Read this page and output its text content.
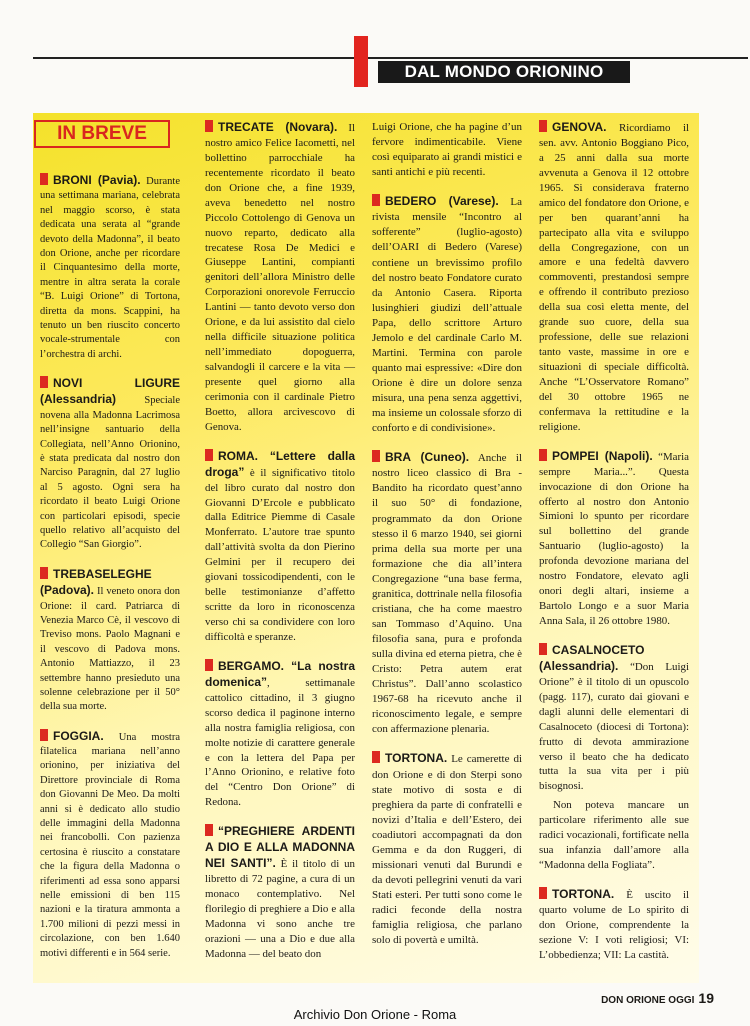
DAL MONDO ORIONINO
IN BREVE

BRONI (Pavia). Durante una settimana mariana, celebrata nel maggio scorso, è stata dedicata una serata al “grande devoto della Madonna”, il beato don Orione, anche per ricordare il Cinquantesimo della morte, mentre in altra serata la corale “B. Luigi Orione” di Tortona, diretta da mons. Scappini, ha tenuto un ben riuscito concerto vocale-strumentale con l’orchestra di archi.

NOVI LIGURE (Alessandria) Speciale novena alla Madonna Lacrimosa nell’insigne santuario della Collegiata, nell’Anno Orionino, è stata predicata dal nostro don Narciso Paragnin, dal 27 luglio al 5 agosto. Ogni sera ha ricordato il beato Luigi Orione con particolari episodi, specie quello relativo all’acquisto del Collegio “San Giorgio”.

TREBASELEGHE (Padova). Il veneto onora don Orione: il card. Patriarca di Venezia Marco Cè, il vescovo di Treviso mons. Paolo Magnani e il vescovo di Padova mons. Antonio Mattiazzo, il 23 settembre hanno presieduto una solenne celebrazione per il 50° della sua morte.

FOGGIA. Una mostra filatelica mariana nell’anno orionino, per iniziativa del Direttore provinciale di Roma don Giovanni De Meo. Da molti anni si è dedicato allo studio delle immagini della Madonna nei francobolli. Con pazienza certosina è riuscito a constatare che la figura della Madonna o riferimenti ad essa sono apparsi nelle emissioni di ben 115 nazioni e la tiratura ammonta a 1.700 milioni di pezzi messi in circolazione, con ben 1.640 motivi differenti e in 564 serie.

TRECATE (Novara). Il nostro amico Felice Iacometti, nel bollettino parrocchiale ha recentemente ricordato il beato don Orione che, a fine 1939, aveva benedetto nel nostro Piccolo Cottolengo di Genova un nuovo reparto, dedicato alla trecatese Rosa De Medici e Giuseppe Lantini, compianti genitori dell’allora Ministro delle Corporazioni onorevole Ferruccio Lantini — tanto devoto verso don Orione, e da lui assistito dal cielo nella difficile situazione politica nell’immediato dopoguerra, salvandogli il carcere e la vita — presente quel giorno alla cerimonia con il cardinale Pietro Boetto, allora arcivescovo di Genova.

ROMA. “Lettere dalla droga” è il significativo titolo del libro curato dal nostro don Giovanni D’Ercole e pubblicato dalla Editrice Piemme di Casale Monferrato. L’autore trae spunto dall’attività svolta da don Pierino Gelmini per il recupero dei giovani tossicodipendenti, con le belle testimonianze d’affetto scritte da loro in riconoscenza verso chi sa condividere con loro difficoltà e speranze.

BERGAMO. “La nostra domenica”, settimanale cattolico cittadino, il 3 giugno scorso dedica il paginone interno alla nostra famiglia religiosa, con molte notizie di carattere generale e con la lettera del Papa per l’Anno Orionino, e relative foto del “Centro Don Orione” di Redona.

“PREGHIERE ARDENTI A DIO E ALLA MADONNA NEI SANTI”. È il titolo di un libretto di 72 pagine, a cura di un monaco contemplativo. Nel florilegio di preghiere a Dio e alla Madonna vi sono anche tre orazioni — una a Dio e due alla Madonna — del beato don

Luigi Orione, che ha pagine d’un fervore indimenticabile. Viene così equiparato ai grandi mistici e santi antichi e più recenti.

BEDERO (Varese). La rivista mensile “Incontro al sofferente” (luglio-agosto) dell’OARI di Bedero (Varese) contiene un brevissimo profilo del nostro beato Fondatore curato da Antonio Casera. Riporta lusinghieri giudizi dell’attuale Papa, dello scrittore Arturo Jemolo e del cardinale Carlo M. Martini. Termina con parole quanto mai espressive: «Dire don Orione è dire un dolore senza misura, una pena senza aggettivi, ma insieme un colossale sforzo di conforto e di condivisione».

BRA (Cuneo). Anche il nostro liceo classico di Bra - Bandito ha ricordato quest’anno il suo 50° di fondazione, programmato da don Orione stesso il 6 marzo 1940, sei giorni prima della sua morte per una formazione che dia all’intera Congregazione “una base ferma, granitica, dottrinale nella filosofia cristiana, che ha come maestro san Tommaso d’Aquino. Una filosofia sana, pura e profonda sulla divina ed eterna pietra, che è Cristo: Petra autem erat Christus”. Dall’anno scolastico 1967-68 ha ricevuto anche il riconoscimento legale, e sempre con affermazione plenaria.

TORTONA. Le camerette di don Orione e di don Sterpi sono state motivo di sosta e di preghiera da parte di confratelli e novizi d’Italia e dell’Estero, dei coadiutori accompagnati da don Gemma e da don Ruggeri, di missionari venuti dal Burundi e da devoti pellegrini venuti da vari Stati esteri. Per tutti sono come le radici feconde della nostra famiglia religiosa, che parlano solo di povertà e umiltà.

GENOVA. Ricordiamo il sen. avv. Antonio Boggiano Pico, a 25 anni dalla sua morte avvenuta a Genova il 12 ottobre 1965. Si considerava fraterno amico del fondatore don Orione, e per ben quarant’anni ha partecipato alla vita e sviluppo della Congregazione, con un amore e una fedeltà davvero commoventi, prestandosi sempre e offrendo il contributo prezioso della sua così eletta mente, del grande suo cuore, della sua professione, delle sue relazioni tanto vaste, massime in ore e situazioni di speciale difficoltà. Anche “L’Osservatore Romano” del 30 ottobre 1965 ne confermava la rettitudine e la religione.

POMPEI (Napoli). “Maria sempre Maria...”. Questa invocazione di don Orione ha offerto al nostro don Antonio Simioni lo spunto per ricordare sul bollettino del grande Santuario (luglio-agosto) la profonda devozione mariana del nostro Fondatore, elevato agli onori degli altari, insieme a Bartolo Longo e a suor Maria Anna Sala, il 26 ottobre 1980.

CASALNOCETO (Alessandria). “Don Luigi Orione” è il titolo di un opuscolo (pagg. 117), curato dai giovani e dagli alunni delle elementari di Casalnoceto (diocesi di Tortona): frutto di devota ammirazione verso il beato che ha dedicato tutta la sua vita per i più bisognosi.

Non poteva mancare un particolare riferimento alle sue radici vocazionali, fortificate nella sua infanzia dall’amore alla “Madonna della Fogliata”.

TORTONA. È uscito il quarto volume de Lo spirito di don Orione, comprendente la sezione V: I voti religiosi; VI: L’obbedienza; VII: La castità.

DON ORIONE OGGI 19
Archivio Don Orione - Roma
